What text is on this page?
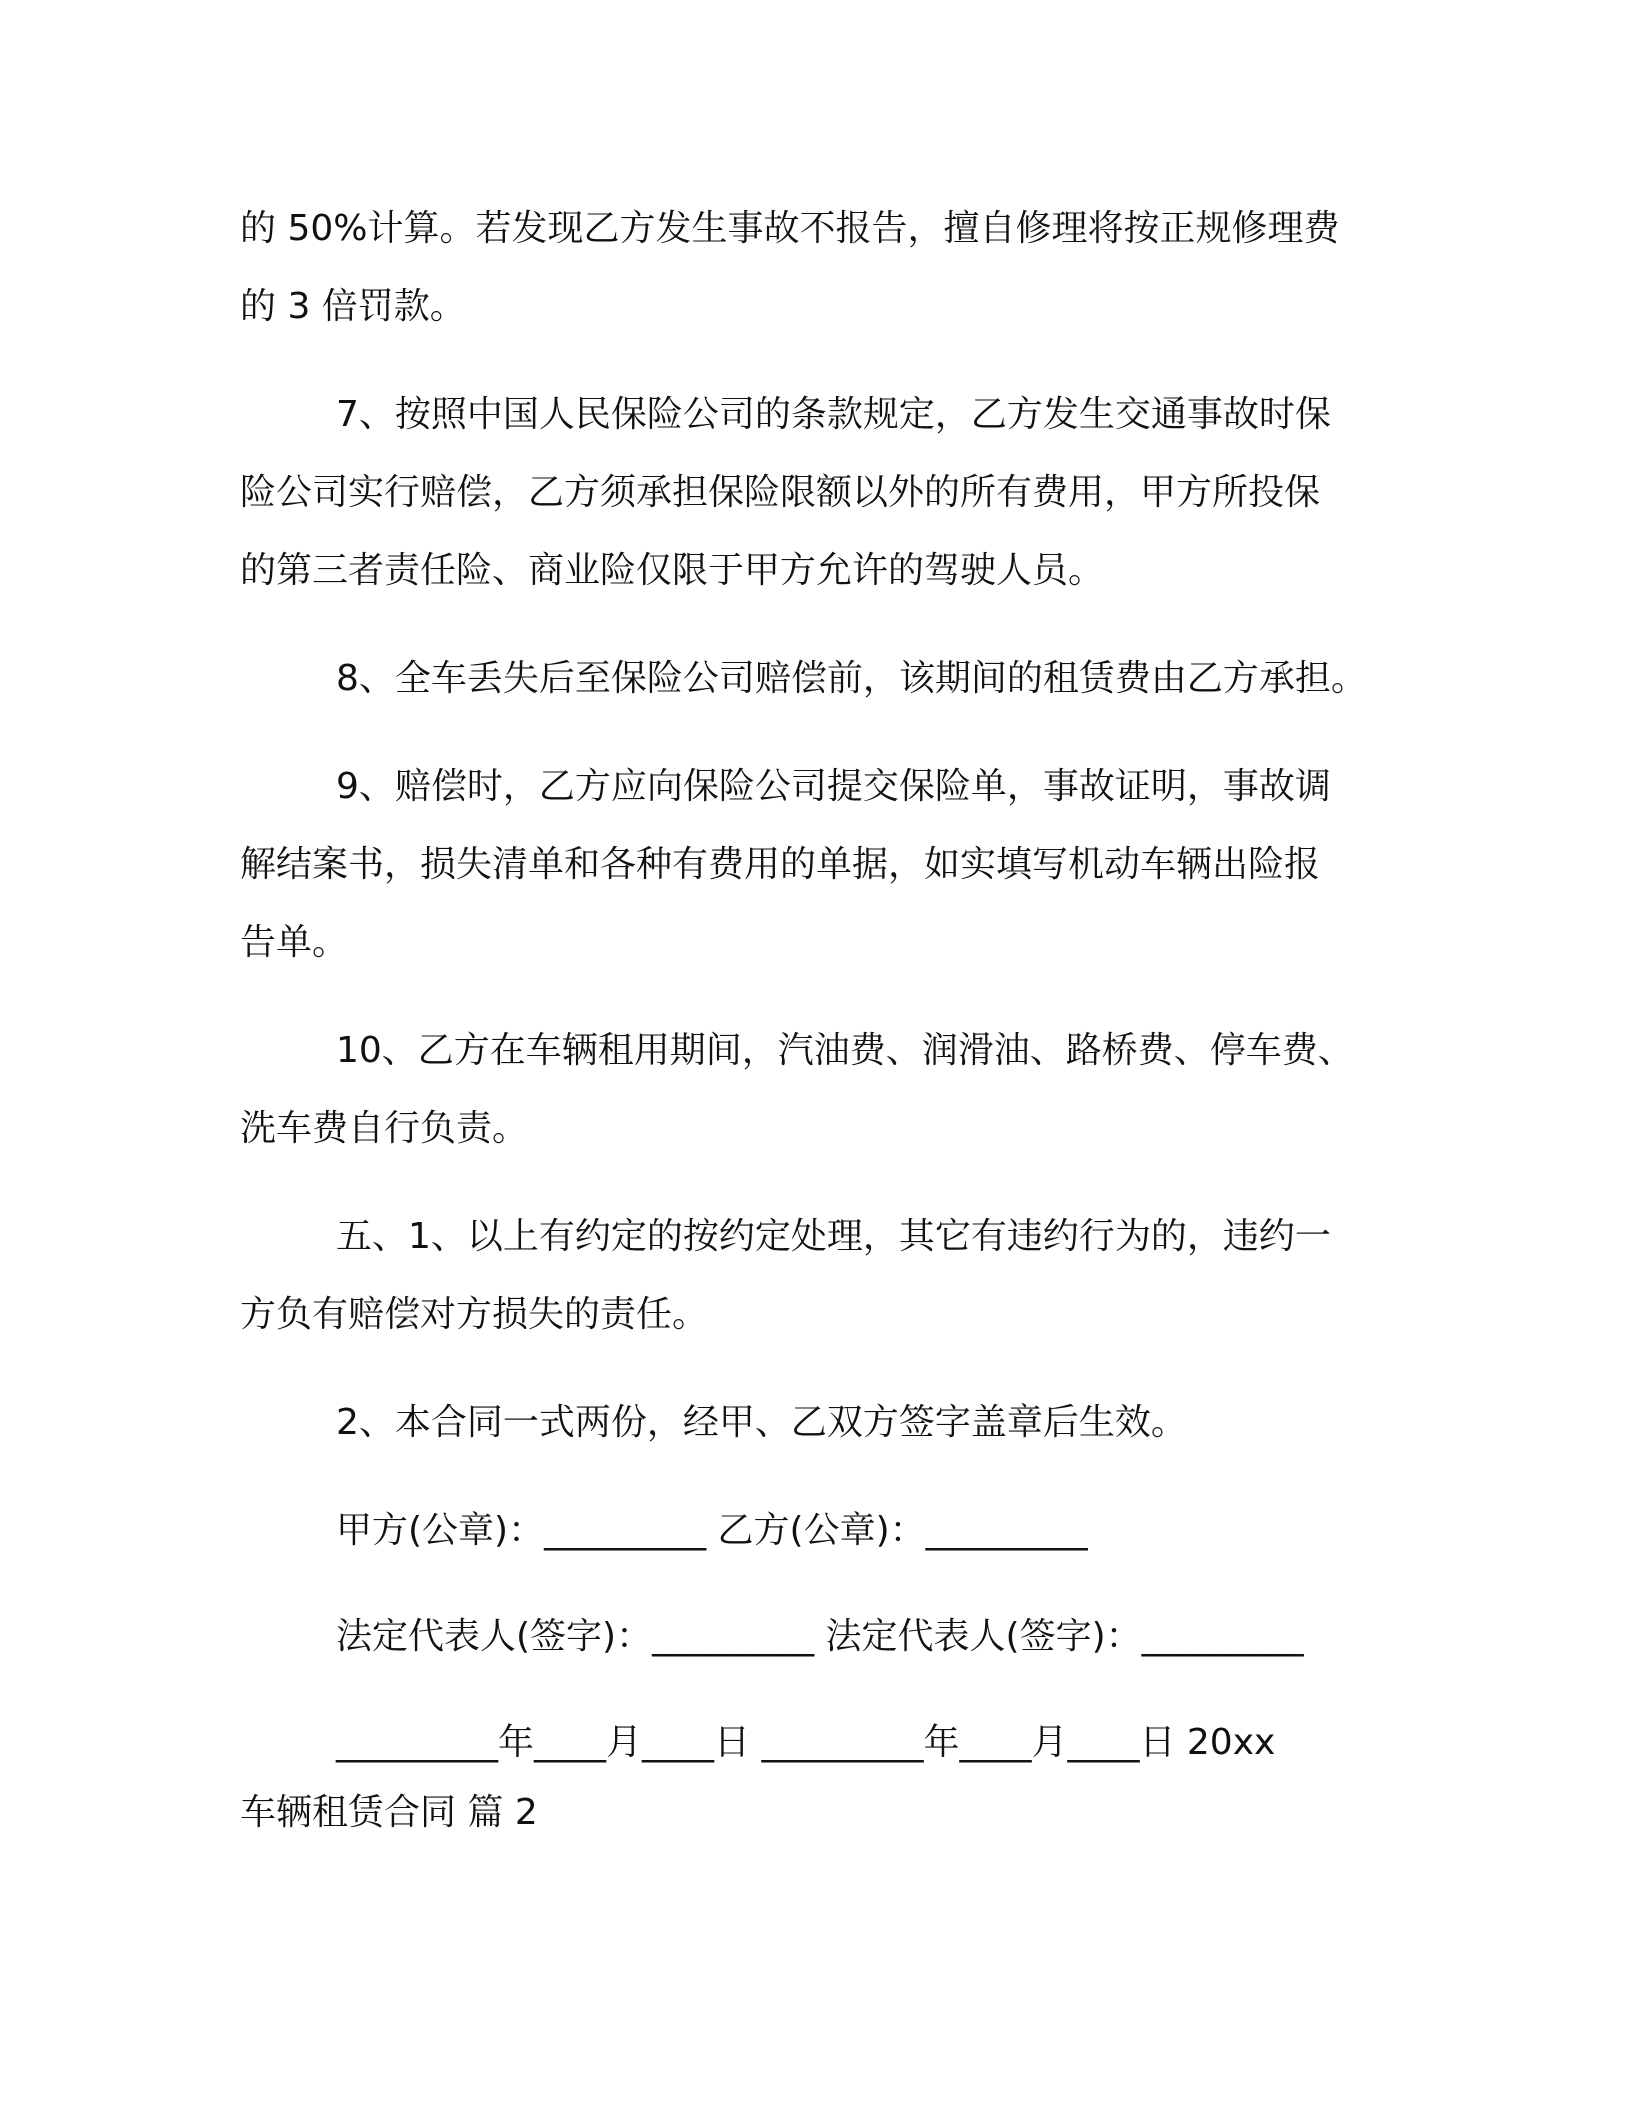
的 50%计算。若发现乙方发生事故不报告，擅自修理将按正规修理费
的 3 倍罚款。

7、按照中国人民保险公司的条款规定，乙方发生交通事故时保
险公司实行赔偿，乙方须承担保险限额以外的所有费用，甲方所投保
的第三者责任险、商业险仅限于甲方允许的驾驶人员。

8、全车丢失后至保险公司赔偿前，该期间的租赁费由乙方承担。

9、赔偿时，乙方应向保险公司提交保险单，事故证明，事故调
解结案书，损失清单和各种有费用的单据，如实填写机动车辆出险报
告单。

10、乙方在车辆租用期间，汽油费、润滑油、路桥费、停车费、
洗车费自行负责。

五、1、以上有约定的按约定处理，其它有违约行为的，违约一
方负有赔偿对方损失的责任。

2、本合同一式两份，经甲、乙双方签字盖章后生效。

甲方(公章)：_________ 乙方(公章)：_________

法定代表人(签字)：_________ 法定代表人(签字)：_________

_________年____月____日 _________年____月____日 20xx

车辆租赁合同 篇 2
